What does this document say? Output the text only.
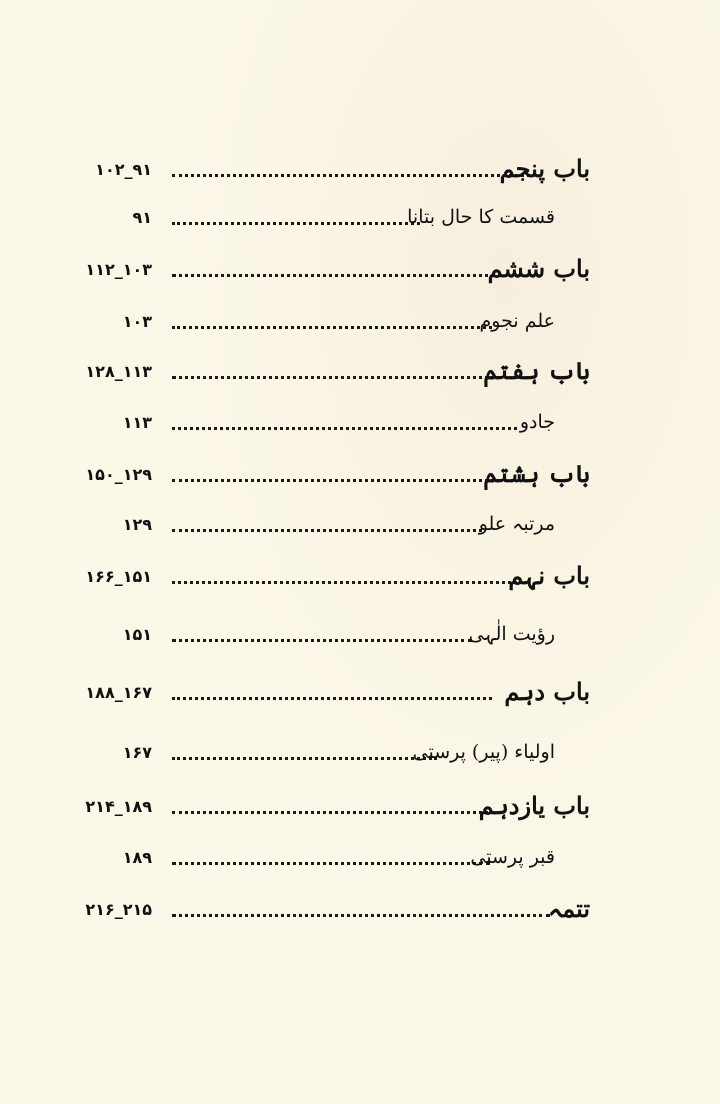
۹۱_۱۰۲	باب پنجم
۹۱	قسمت کا حال بتانا
۱۰۳_۱۱۲	باب ششم
۱۰۳	علم نجوم
۱۱۳_۱۲۸	باب ہفتم
۱۱۳	جادو
۱۲۹_۱۵۰	باب ہشتم
۱۲۹	مرتبہ علو
۱۵۱_۱۶۶	باب نہم
۱۵۱	رؤیت الٰہی
۱۶۷_۱۸۸	باب دہم
۱۶۷	اولیاء (پیر) پرستی
۱۸۹_۲۱۴	باب یازدہم
۱۸۹	قبر پرستی
۲۱۵_۲۱۶	تتمہ
